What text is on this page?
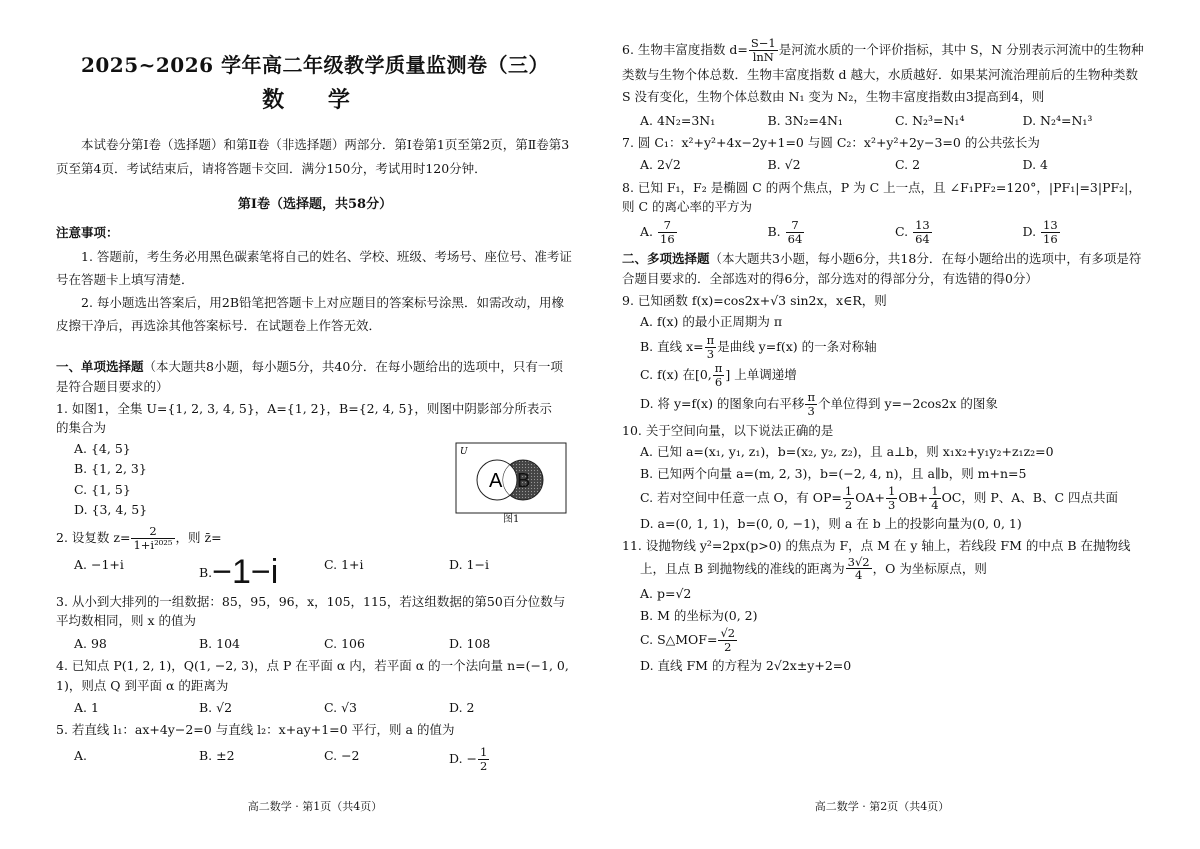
2025~2026 学年高二年级教学质量监测卷（三）
数 学
本试卷分第Ⅰ卷（选择题）和第Ⅱ卷（非选择题）两部分．第Ⅰ卷第1页至第2页，第Ⅱ卷第3页至第4页．考试结束后，请将答题卡交回．满分150分，考试用时120分钟．
第Ⅰ卷（选择题，共58分）
注意事项：
1. 答题前，考生务必用黑色碳素笔将自己的姓名、学校、班级、考场号、座位号、准考证号在答题卡上填写清楚．
2. 每小题选出答案后，用2B铅笔把答题卡上对应题目的答案标号涂黑．如需改动，用橡皮擦干净后，再选涂其他答案标号．在试题卷上作答无效．
一、单项选择题（本大题共8小题，每小题5分，共40分．在每小题给出的选项中，只有一项是符合题目要求的）
1. 如图1，全集 U={1, 2, 3, 4, 5}，A={1, 2}，B={2, 4, 5}，则图中阴影部分所表示的集合为
A. {4, 5}
B. {1, 2, 3}
C. {1, 5}
D. {3, 4, 5}
2. 设复数 $z= \frac{2}{\text{1+i²⁰²⁵}}$ ，则 z̄=
A. −1+i
B.−1−i	C. 1+i	D. 1−i
3. 从小到大排列的一组数据：85，95，96，x，105，115，若这组数据的第50百分位数与平均数相同，则 x 的值为
A. 98	B. 104	C. 106	D. 108
4. 已知点 P(1, 2, 1)，Q(1, −2, 3)，点 P 在平面 α 内，若平面 α 的一个法向量 n=(−1, 0, 1)，则点 Q 到平面 α 的距离为
A. 1	B. √2	C. √3	D. 2
5. 若直线 l₁：ax+4y−2=0 与直线 l₂：x+ay+1=0 平行，则 a 的值为
A.	B. ±2	C. −2	D. − $\frac{1}{2}$
高二数学 · 第1页（共4页）
U
A B
图1
6. 生物丰富度指数 $d= \frac{S-1}{\ln N}$ 是河流水质的一个评价指标，其中 S，N 分别表示河流中的生物种类数与生物个体总数．生物丰富度指数 d 越大，水质越好．如果某河流治理前后的生物种类数 S 没有变化，生物个体总数由 N₁ 变为 N₂，生物丰富度指数由3提高到4，则
A. 4N₂=3N₁	B. 3N₂=4N₁	C. N₂³=N₁⁴	D. N₂⁴=N₁³
7. 圆 C₁：x²+y²+4x−2y+1=0 与圆 C₂：x²+y²+2y−3=0 的公共弦长为
A. 2√2	B. √2	C. 2	D. 4
8. 已知 F₁，F₂ 是椭圆 C 的两个焦点，P 为 C 上一点，且 ∠F₁PF₂=120°，|PF₁|=3|PF₂|，则 C 的离心率的平方为
A. $\frac{7}{16}$	B. $\frac{7}{64}$	C. $\frac{13}{64}$	D. $\frac{13}{16}$
二、多项选择题（本大题共3小题，每小题6分，共18分．在每小题给出的选项中，有多项是符合题目要求的．全部选对的得6分，部分选对的得部分分，有选错的得0分）
9. 已知函数 f(x)=cos2x+√3 sin2x，x∈R，则
A. f(x) 的最小正周期为 π
B. 直线 $x= \frac{\pi}{3}$ 是曲线 y=f(x) 的一条对称轴
C. f(x) 在[0, $\frac{\pi}{6}$ ] 上单调递增
D. 将 y=f(x) 的图象向右平移 $\frac{\pi}{3}$ 个单位得到 y=−2cos2x 的图象
10. 关于空间向量，以下说法正确的是
A. 已知 a=(x₁, y₁, z₁)，b=(x₂, y₂, z₂)，且 a⊥b，则 x₁x₂+y₁y₂+z₁z₂=0
B. 已知两个向量 a=(m, 2, 3)，b=(−2, 4, n)，且 a∥b，则 m+n=5
C. 若对空间中任意一点 O，有 $OP= \frac{1}{2} OA+ \frac{1}{3} OB+ \frac{1}{4}$ OC，则 P、A、B、C 四点共面
D. a=(0, 1, 1)，b=(0, 0, −1)，则 a 在 b 上的投影向量为(0, 0, 1)
11. 设抛物线 y²=2px(p>0) 的焦点为 F，点 M 在 y 轴上，若线段 FM 的中点 B 在抛物线
上，且点 B 到抛物线的准线的距离为 $\frac{3√2}{4}$ ，O 为坐标原点，则
A. p=√2
B. M 的坐标为(0, 2)
C. S△MOF= $\frac{√2}{2}$
D. 直线 FM 的方程为 2√2x±y+2=0
高二数学 · 第2页（共4页）
